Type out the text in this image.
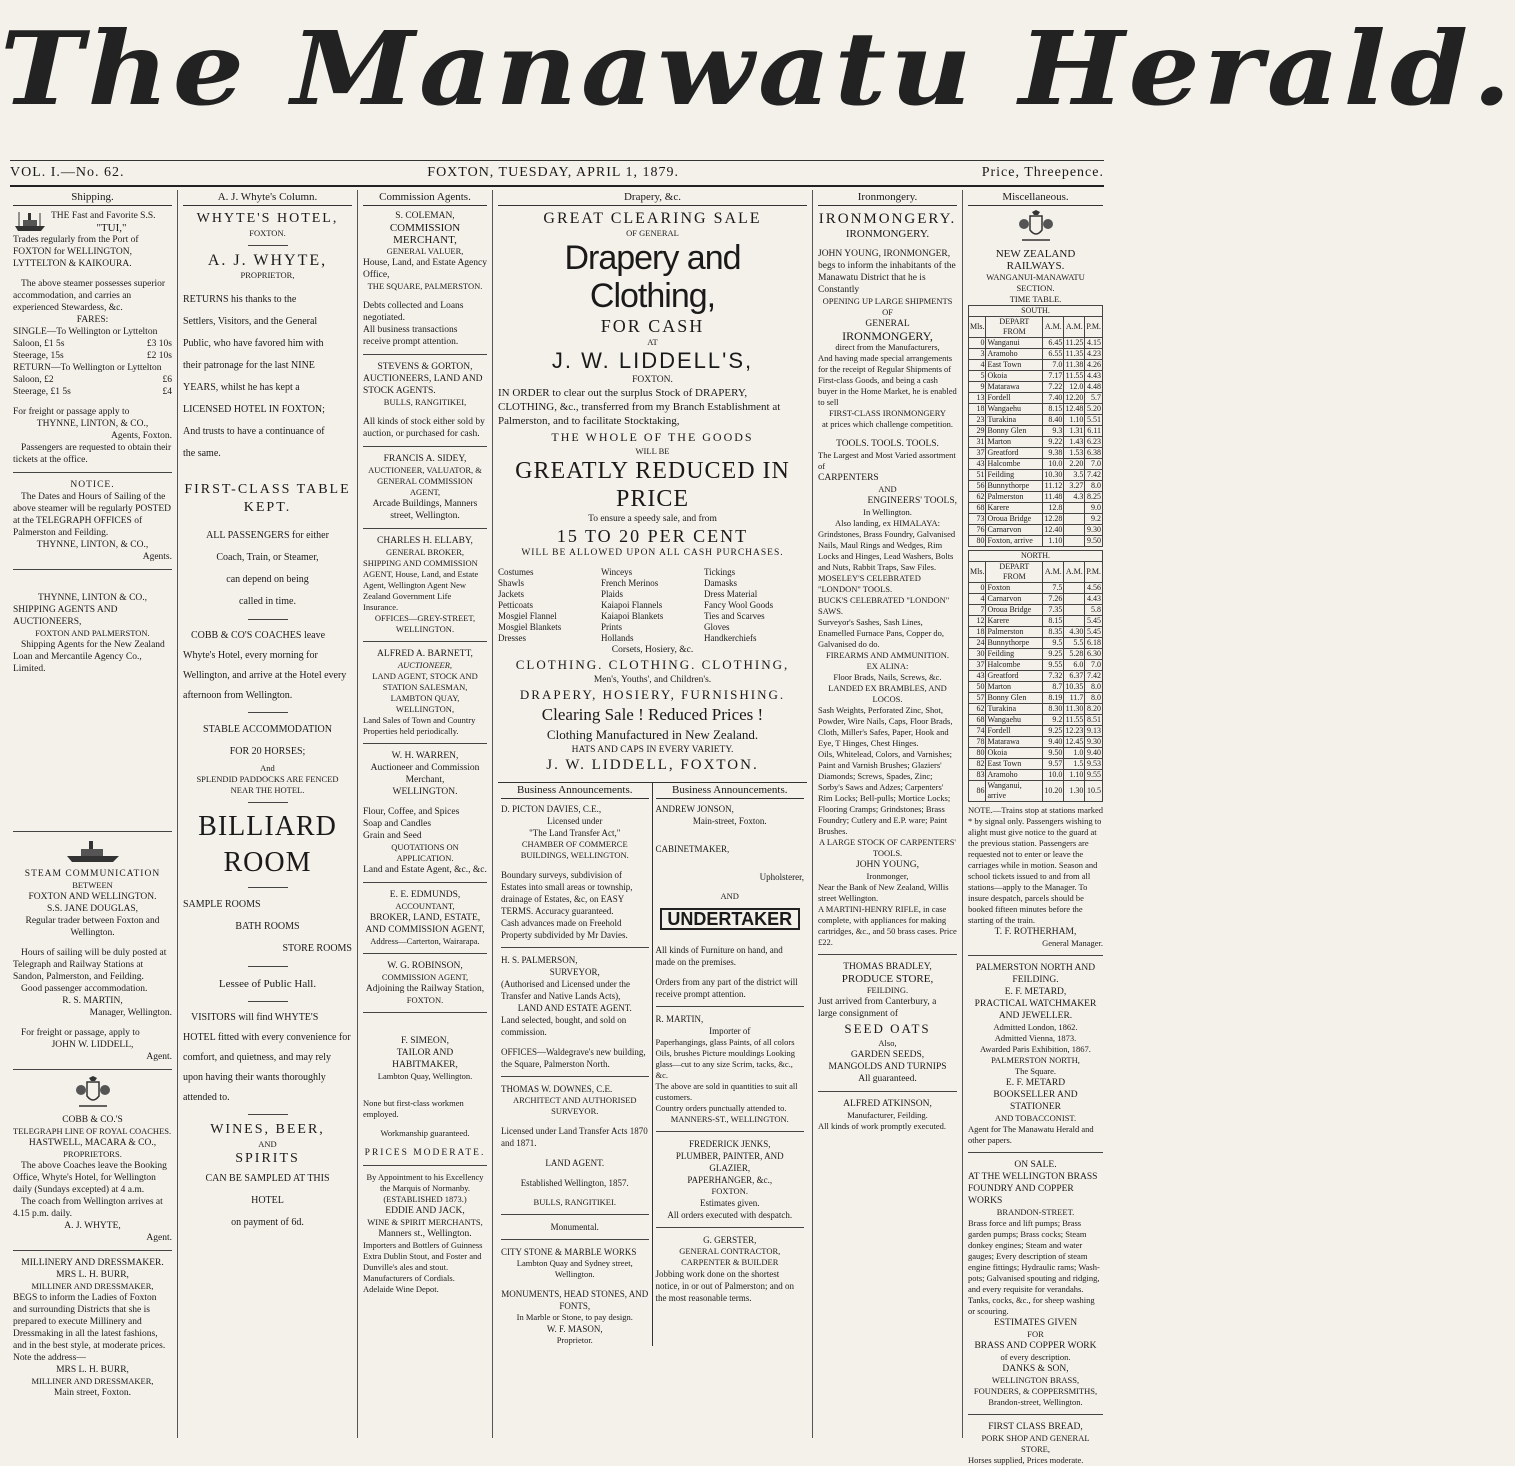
The Manawatu Herald.
VOL. I.—No. 62.	FOXTON, TUESDAY, APRIL 1, 1879.	Price, Threepence.
Shipping.
THE Fast and Favorite S.S.
"TUI,"
Trades regularly from the Port of FOXTON for WELLINGTON, LYTTELTON & KAIKOURA.
The above steamer possesses superior accommodation, and carries an experienced Stewardess, &c.
FARES:
SINGLE—To Wellington or Lyttelton
Saloon, £1 5s	£3 10s
Steerage, 15s	£2 10s
RETURN—To Wellington or Lyttelton
Saloon, £2	£6
Steerage, £1 5s	£4
For freight or passage apply to
THYNNE, LINTON, & CO.,
Agents, Foxton.
Passengers are requested to obtain their tickets at the office.
NOTICE.
The Dates and Hours of Sailing of the above steamer will be regularly POSTED at the TELEGRAPH OFFICES of Palmerston and Feilding.
THYNNE, LINTON, & CO.,
Agents.
THYNNE, LINTON & CO.,
SHIPPING AGENTS AND AUCTIONEERS,
FOXTON AND PALMERSTON.
Shipping Agents for the New Zealand Loan and Mercantile Agency Co., Limited.
STEAM COMMUNICATION
BETWEEN
FOXTON AND WELLINGTON.
S.S. JANE DOUGLAS,
Regular trader between Foxton and Wellington.
Hours of sailing will be duly posted at Telegraph and Railway Stations at Sandon, Palmerston, and Feilding.
Good passenger accommodation.
R. S. MARTIN,
Manager, Wellington.
For freight or passage, apply to
JOHN W. LIDDELL,
Agent.
COBB & CO.'S
TELEGRAPH LINE OF ROYAL COACHES.
HASTWELL, MACARA & CO.,
PROPRIETORS.
The above Coaches leave the Booking Office, Whyte's Hotel, for Wellington daily (Sundays excepted) at 4 a.m.
The coach from Wellington arrives at 4.15 p.m. daily.
A. J. WHYTE,
Agent.
MILLINERY AND DRESSMAKER.
MRS L. H. BURR,
MILLINER AND DRESSMAKER,
BEGS to inform the Ladies of Foxton and surrounding Districts that she is prepared to execute Millinery and Dressmaking in all the latest fashions, and in the best style, at moderate prices.
Note the address—
MRS L. H. BURR,
MILLINER AND DRESSMAKER,
Main street, Foxton.
A. J. Whyte's Column.
WHYTE'S HOTEL,
FOXTON.
A. J. WHYTE,
PROPRIETOR,
RETURNS his thanks to the
Settlers, Visitors, and the General
Public, who have favored him with
their patronage for the last NINE
YEARS, whilst he has kept a
LICENSED HOTEL IN FOXTON;
And trusts to have a continuance of
the same.
FIRST-CLASS TABLE
KEPT.
ALL PASSENGERS for either
Coach, Train, or Steamer,
can depend on being
called in time.
COBB & CO'S COACHES leave Whyte's Hotel, every morning for Wellington, and arrive at the Hotel every afternoon from Wellington.
STABLE ACCOMMODATION
FOR 20 HORSES;
And
SPLENDID PADDOCKS ARE FENCED
NEAR THE HOTEL.
BILLIARD ROOM
SAMPLE ROOMS
BATH ROOMS
STORE ROOMS
Lessee of Public Hall.
VISITORS will find WHYTE'S HOTEL fitted with every convenience for comfort, and quietness, and may rely upon having their wants thoroughly attended to.
WINES, BEER,
AND
SPIRITS
CAN BE SAMPLED AT THIS
HOTEL
on payment of 6d.
Commission Agents.
S. COLEMAN,
COMMISSION MERCHANT,
GENERAL VALUER,
House, Land, and Estate Agency Office,
THE SQUARE, PALMERSTON.
Debts collected and Loans negotiated.
All business transactions receive prompt attention.
STEVENS & GORTON,
AUCTIONEERS, LAND AND STOCK AGENTS.
BULLS, RANGITIKEI,
All kinds of stock either sold by auction, or purchased for cash.
FRANCIS A. SIDEY,
AUCTIONEER, VALUATOR, & GENERAL COMMISSION AGENT,
Arcade Buildings, Manners street, Wellington.
CHARLES H. ELLABY,
GENERAL BROKER,
SHIPPING AND COMMISSION AGENT, House, Land, and Estate Agent, Wellington Agent New Zealand Government Life Insurance.
OFFICES—GREY-STREET, WELLINGTON.
ALFRED A. BARNETT,
AUCTIONEER,
LAND AGENT, STOCK AND STATION SALESMAN,
LAMBTON QUAY, WELLINGTON,
Land Sales of Town and Country Properties held periodically.
W. H. WARREN,
Auctioneer and Commission Merchant,
WELLINGTON.
Flour, Coffee, and Spices
Soap and Candles
Grain and Seed
QUOTATIONS ON APPLICATION.
Land and Estate Agent, &c., &c.
E. E. EDMUNDS,
ACCOUNTANT,
BROKER, LAND, ESTATE, AND COMMISSION AGENT,
Address—Carterton, Wairarapa.
W. G. ROBINSON,
COMMISSION AGENT,
Adjoining the Railway Station,
FOXTON.
F. SIMEON,
TAILOR AND HABITMAKER,
Lambton Quay, Wellington.
None but first-class workmen employed.
Workmanship guaranteed.
PRICES MODERATE.
By Appointment to his Excellency the Marquis of Normanby.
(ESTABLISHED 1873.)
EDDIE AND JACK,
WINE & SPIRIT MERCHANTS,
Manners st., Wellington.
Importers and Bottlers of Guinness Extra Dublin Stout, and Foster and Dunville's ales and stout.
Manufacturers of Cordials. Adelaide Wine Depot.
Drapery, &c.
GREAT CLEARING SALE
OF GENERAL
Drapery and Clothing,
FOR CASH
AT
J. W. LIDDELL'S,
FOXTON.
IN ORDER to clear out the surplus Stock of DRAPERY, CLOTHING, &c., transferred from my Branch Establishment at Palmerston, and to facilitate Stocktaking,
THE WHOLE OF THE GOODS
WILL BE
GREATLY REDUCED IN PRICE
To ensure a speedy sale, and from
15 TO 20 PER CENT
WILL BE ALLOWED UPON ALL CASH PURCHASES.
Costumes
Shawls
Jackets
Petticoats
Mosgiel Flannel
Mosgiel Blankets
Dresses
Winceys
French Merinos
Plaids
Kaiapoi Flannels
Kaiapoi Blankets
Prints
Hollands
Tickings
Damasks
Dress Material
Fancy Wool Goods
Ties and Scarves
Gloves
Handkerchiefs
Corsets, Hosiery, &c.
CLOTHING. CLOTHING. CLOTHING,
Men's, Youths', and Children's.
DRAPERY, HOSIERY, FURNISHING.
Clearing Sale ! Reduced Prices !
Clothing Manufactured in New Zealand.
HATS AND CAPS IN EVERY VARIETY.
J. W. LIDDELL, FOXTON.
Business Announcements.
D. PICTON DAVIES, C.E.,
Licensed under
"The Land Transfer Act,"
CHAMBER OF COMMERCE BUILDINGS, WELLINGTON.
Boundary surveys, subdivision of Estates into small areas or township, drainage of Estates, &c, on EASY TERMS. Accuracy guaranteed.
Cash advances made on Freehold Property subdivided by Mr Davies.
H. S. PALMERSON,
SURVEYOR,
(Authorised and Licensed under the Transfer and Native Lands Acts),
LAND AND ESTATE AGENT.
Land selected, bought, and sold on commission.
OFFICES—Waldegrave's new building, the Square, Palmerston North.
THOMAS W. DOWNES, C.E.
ARCHITECT AND AUTHORISED SURVEYOR.
Licensed under Land Transfer Acts 1870 and 1871.
LAND AGENT.
Established Wellington, 1857.
BULLS, RANGITIKEI.
Monumental.
CITY STONE & MARBLE WORKS
Lambton Quay and Sydney street, Wellington.
MONUMENTS, HEAD STONES, AND FONTS,
In Marble or Stone, to pay design.
W. F. MASON,
Proprietor.
Business Announcements.
ANDREW JONSON,
Main-street, Foxton.
CABINETMAKER,
Upholsterer,
AND
UNDERTAKER
All kinds of Furniture on hand, and made on the premises.
Orders from any part of the district will receive prompt attention.
R. MARTIN,
Importer of
Paperhangings, glass Paints, of all colors Oils, brushes Picture mouldings Looking glass—cut to any size Scrim, tacks, &c., &c.
The above are sold in quantities to suit all customers.
Country orders punctually attended to.
MANNERS-ST., WELLINGTON.
FREDERICK JENKS,
PLUMBER, PAINTER, AND GLAZIER,
PAPERHANGER, &c.,
FOXTON.
Estimates given.
All orders executed with despatch.
G. GERSTER,
GENERAL CONTRACTOR, CARPENTER & BUILDER
Jobbing work done on the shortest notice, in or out of Palmerston; and on the most reasonable terms.
Ironmongery.
IRONMONGERY.
IRONMONGERY.
JOHN YOUNG, IRONMONGER, begs to inform the inhabitants of the Manawatu District that he is Constantly
OPENING UP LARGE SHIPMENTS
OF
GENERAL
IRONMONGERY,
direct from the Manufacturers,
And having made special arrangements for the receipt of Regular Shipments of First-class Goods, and being a cash buyer in the Home Market, he is enabled to sell
FIRST-CLASS IRONMONGERY
at prices which challenge competition.
TOOLS. TOOLS. TOOLS.
The Largest and Most Varied assortment of
CARPENTERS
AND
ENGINEERS' TOOLS,
In Wellington.
Also landing, ex HIMALAYA:
Grindstones, Brass Foundry, Galvanised Nails, Maul Rings and Wedges, Rim Locks and Hinges, Lead Washers, Bolts and Nuts, Rabbit Traps, Saw Files.
MOSELEY'S CELEBRATED "LONDON" TOOLS.
BUCK'S CELEBRATED "LONDON" SAWS.
Surveyor's Sashes, Sash Lines, Enamelled Furnace Pans, Copper do, Galvanised do do.
FIREARMS AND AMMUNITION.
EX ALINA:
Floor Brads, Nails, Screws, &c.
LANDED EX BRAMBLES, AND LOCOS.
Sash Weights, Perforated Zinc, Shot, Powder, Wire Nails, Caps, Floor Brads, Cloth, Miller's Safes, Paper, Hook and Eye, T Hinges, Chest Hinges.
Oils, Whitelead, Colors, and Varnishes; Paint and Varnish Brushes; Glaziers' Diamonds; Screws, Spades, Zinc; Sorby's Saws and Adzes; Carpenters' Rim Locks; Bell-pulls; Mortice Locks; Flooring Cramps; Grindstones; Brass Foundry; Cutlery and E.P. ware; Paint Brushes.
A LARGE STOCK OF CARPENTERS' TOOLS.
JOHN YOUNG,
Ironmonger,
Near the Bank of New Zealand, Willis street Wellington.
A MARTINI-HENRY RIFLE, in case complete, with appliances for making cartridges, &c., and 50 brass cases. Price £22.
THOMAS BRADLEY,
PRODUCE STORE,
FEILDING.
Just arrived from Canterbury, a large consignment of
SEED OATS
Also,
GARDEN SEEDS,
MANGOLDS AND TURNIPS
All guaranteed.
ALFRED ATKINSON,
Manufacturer, Feilding.
All kinds of work promptly executed.
Miscellaneous.
NEW ZEALAND RAILWAYS.
WANGANUI-MANAWATU SECTION.
TIME TABLE.
SOUTH.				
Mls.	DEPART FROM	A.M.	A.M.	P.M.
0	Wanganui	6.45	11.25	4.15
3	Aramoho	6.55	11.35	4.23
4	East Town	7.0	11.38	4.26
5	Okoia	7.17	11.55	4.43
9	Matarawa	7.22	12.0	4.48
13	Fordell	7.40	12.20	5.7
18	Wangaehu	8.15	12.48	5.20
23	Turakina	8.40	1.10	5.51
29	Bonny Glen	9.3	1.31	6.11
31	Marton	9.22	1.43	6.23
37	Greatford	9.38	1.53	6.38
43	Halcombe	10.0	2.20	7.0
51	Feilding	10.30	3.5	7.42
56	Bunnythorpe	11.12	3.27	8.0
62	Palmerston	11.48	4.3	8.25
68	Karere	12.8		9.0
73	Oroua Bridge	12.28		9.2
76	Carnarvon	12.40		9.30
80	Foxton, arrive	1.10		9.50
NORTH.				
Mls.	DEPART FROM	A.M.	A.M.	P.M.
0	Foxton	7.5		4.56
4	Carnarvon	7.26		4.43
7	Oroua Bridge	7.35		5.8
12	Karere	8.15		5.45
18	Palmerston	8.35	4.30	5.45
24	Bunnythorpe	9.5	5.5	6.18
30	Feilding	9.25	5.28	6.30
37	Halcombe	9.55	6.0	7.0
43	Greatford	7.32	6.37	7.42
50	Marton	8.7	10.35	8.0
57	Bonny Glen	8.19	11.7	8.0
62	Turakina	8.30	11.30	8.20
68	Wangaehu	9.2	11.55	8.51
74	Fordell	9.25	12.23	9.13
78	Matarawa	9.40	12.45	9.30
80	Okoia	9.50	1.0	9.40
82	East Town	9.57	1.5	9.53
83	Aramoho	10.0	1.10	9.55
86	Wanganui, arrive	10.20	1.30	10.5
NOTE.—Trains stop at stations marked * by signal only. Passengers wishing to alight must give notice to the guard at the previous station. Passengers are requested not to enter or leave the carriages while in motion. Season and school tickets issued to and from all stations—apply to the Manager. To insure despatch, parcels should be booked fifteen minutes before the starting of the train.
T. F. ROTHERHAM,
General Manager.
PALMERSTON NORTH AND FEILDING.
E. F. METARD,
PRACTICAL WATCHMAKER AND JEWELLER.
Admitted London, 1862.
Admitted Vienna, 1873.
Awarded Paris Exhibition, 1867.
PALMERSTON NORTH,
The Square.
E. F. METARD
BOOKSELLER AND STATIONER
AND TOBACCONIST.
Agent for The Manawatu Herald and other papers.
ON SALE.
AT THE WELLINGTON BRASS FOUNDRY AND COPPER WORKS
BRANDON-STREET.
Brass force and lift pumps; Brass garden pumps; Brass cocks; Steam donkey engines; Steam and water gauges; Every description of steam engine fittings; Hydraulic rams; Wash-pots; Galvanised spouting and ridging, and every requisite for verandahs. Tanks, cocks, &c., for sheep washing or scouring.
ESTIMATES GIVEN
FOR
BRASS AND COPPER WORK
of every description.
DANKS & SON,
WELLINGTON BRASS, FOUNDERS, & COPPERSMITHS,
Brandon-street, Wellington.
FIRST CLASS BREAD,
PORK SHOP AND GENERAL STORE,
Horses supplied, Prices moderate.
